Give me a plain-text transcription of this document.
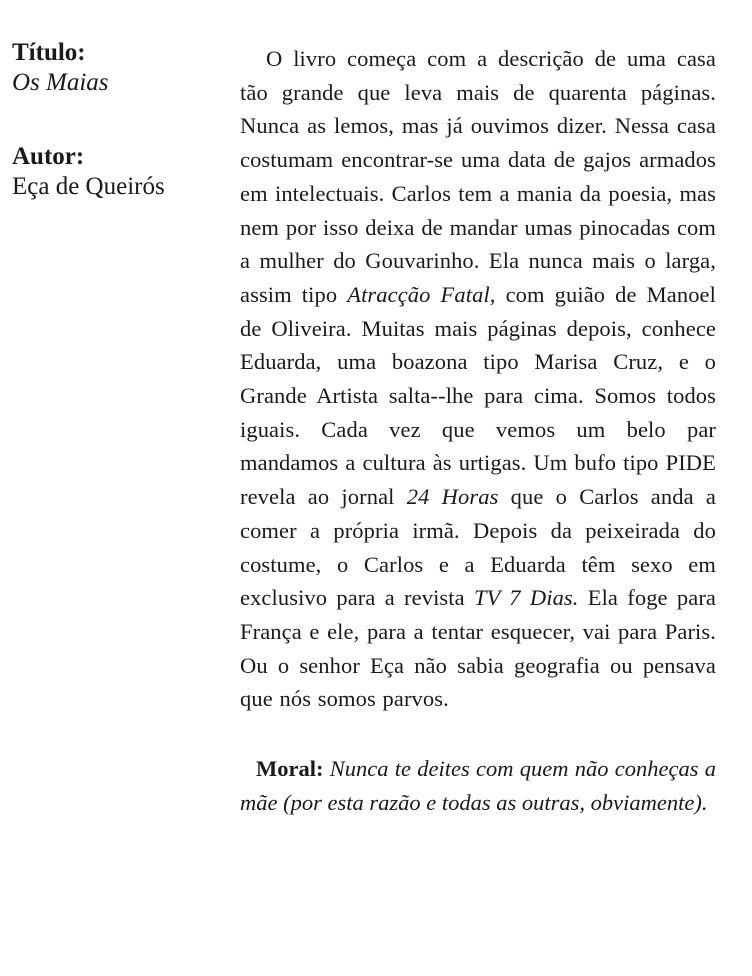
Título:

Os Maias

Autor:

Eça de Queirós

O livro começa com a descrição de uma casa tão grande que leva mais de quarenta páginas. Nunca as lemos, mas já ouvimos dizer. Nessa casa costumam encontrar-se uma data de gajos armados em intelectuais. Carlos tem a mania da poesia, mas nem por isso deixa de mandar umas pinocadas com a mulher do Gouvarinho. Ela nunca mais o larga, assim tipo Atracção Fatal, com guião de Manoel de Oliveira. Muitas mais páginas depois, conhece Eduarda, uma boazona tipo Marisa Cruz, e o Grande Artista salta--lhe para cima. Somos todos iguais. Cada vez que vemos um belo par mandamos a cultura às urtigas. Um bufo tipo PIDE revela ao jornal 24 Horas que o Carlos anda a comer a própria irmã. Depois da peixeirada do costume, o Carlos e a Eduarda têm sexo em exclusivo para a revista TV 7 Dias. Ela foge para França e ele, para a tentar esquecer, vai para Paris. Ou o senhor Eça não sabia geografia ou pensava que nós somos parvos.

Moral: Nunca te deites com quem não conheças a mãe (por esta razão e todas as outras, obviamente).
